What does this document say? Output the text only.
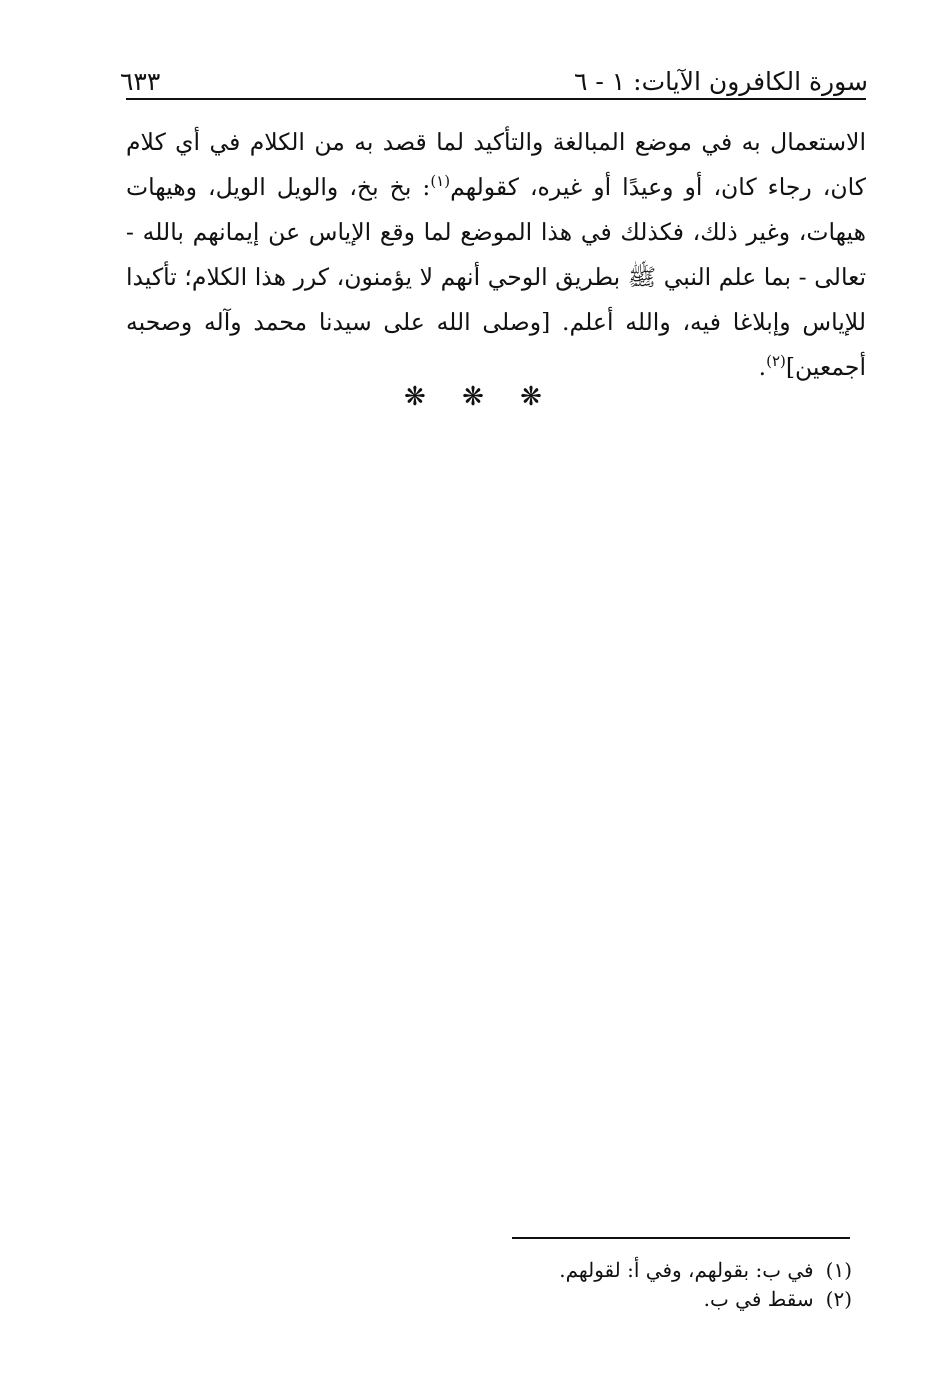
سورة الكافرون الآيات: ١ - ٦
٦٣٣

الاستعمال به في موضع المبالغة والتأكيد لما قصد به من الكلام في أي كلام كان، رجاء كان، أو وعيدًا أو غيره، كقولهم$^{(١)}$: بخ بخ، والويل الويل، وهيهات هيهات، وغير ذلك، فكذلك في هذا الموضع لما وقع الإياس عن إيمانهم بالله - تعالى - بما علم النبي ﷺ بطريق الوحي أنهم لا يؤمنون، كرر هذا الكلام؛ تأكيدا للإياس وإبلاغا فيه، والله أعلم. [وصلى الله على سيدنا محمد وآله وصحبه أجمعين]$^{(٢)}$.

❋ ❋ ❋
(١)في ب: بقولهم، وفي أ: لقولهم.
(٢)سقط في ب.
